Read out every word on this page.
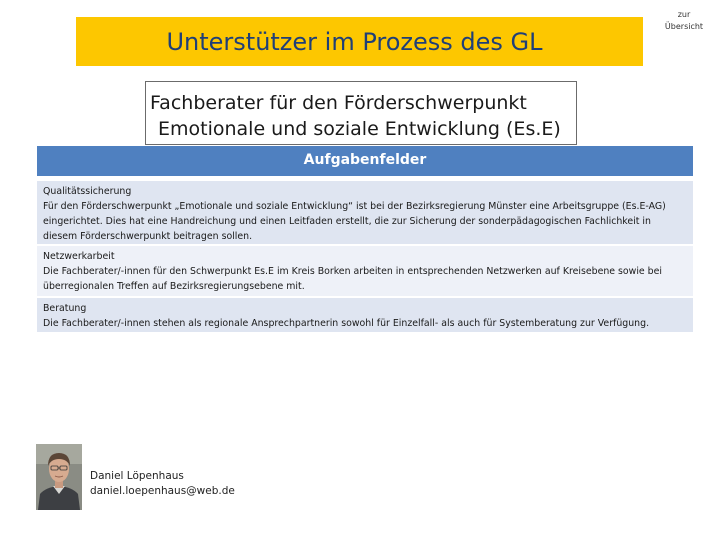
Unterstützer im Prozess des GL
zur
Übersicht
Fachberater für den Förderschwerpunkt
Emotionale und soziale Entwicklung (Es.E)
Aufgabenfelder
Qualitätssicherung
Für den Förderschwerpunkt „Emotionale und soziale Entwicklung“ ist bei der Bezirksregierung Münster eine Arbeitsgruppe (Es.E-AG) eingerichtet. Dies hat eine Handreichung und einen Leitfaden erstellt, die zur Sicherung der sonderpädagogischen Fachlichkeit in diesem Förderschwerpunkt beitragen sollen.
Netzwerkarbeit
Die Fachberater/-innen für den Schwerpunkt Es.E im Kreis Borken arbeiten in entsprechenden Netzwerken auf Kreisebene sowie bei überregionalen Treffen auf Bezirksregierungsebene mit.
Beratung
Die Fachberater/-innen stehen als regionale Ansprechpartnerin sowohl für Einzelfall- als auch für Systemberatung zur Verfügung.
Daniel Löpenhaus
daniel.loepenhaus@web.de
